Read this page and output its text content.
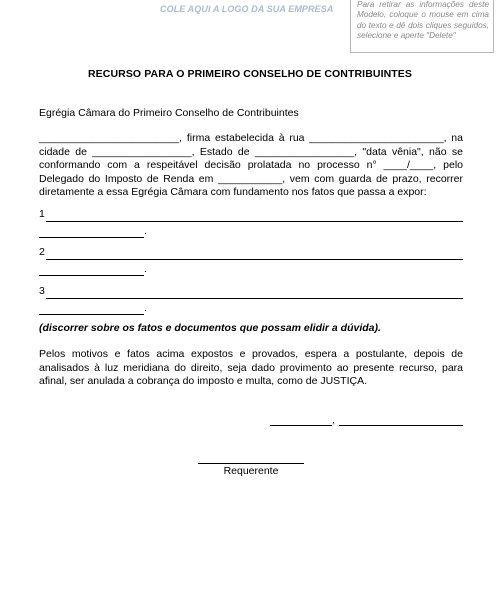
COLE AQUI A LOGO DA SUA EMPRESA	Para retirar as informações deste Modelo, coloque o mouse em cima do texto e dê dois cliques seguidos, selecione e aperte "Delete"
RECURSO PARA O PRIMEIRO CONSELHO DE CONTRIBUINTES
Egrégia Câmara do Primeiro Conselho de Contribuintes
________________________, firma estabelecida à rua _______________________, na cidade de _________________, Estado de _________________, "data vênia", não se conformando com a respeitável decisão prolatada no processo n° ____/____, pelo Delegado do Imposto de Renda em ___________, vem com guarda de prazo, recorrer diretamente a essa Egrégia Câmara com fundamento nos fatos que passa a expor:
1
.
2
.
3
.
(discorrer sobre os fatos e documentos que possam elidir a dúvida).
Pelos motivos e fatos acima expostos e provados, espera a postulante, depois de analisados à luz meridiana do direito, seja dado provimento ao presente recurso, para afinal, ser anulada a cobrança do imposto e multa, como de JUSTIÇA.
,
Requerente
